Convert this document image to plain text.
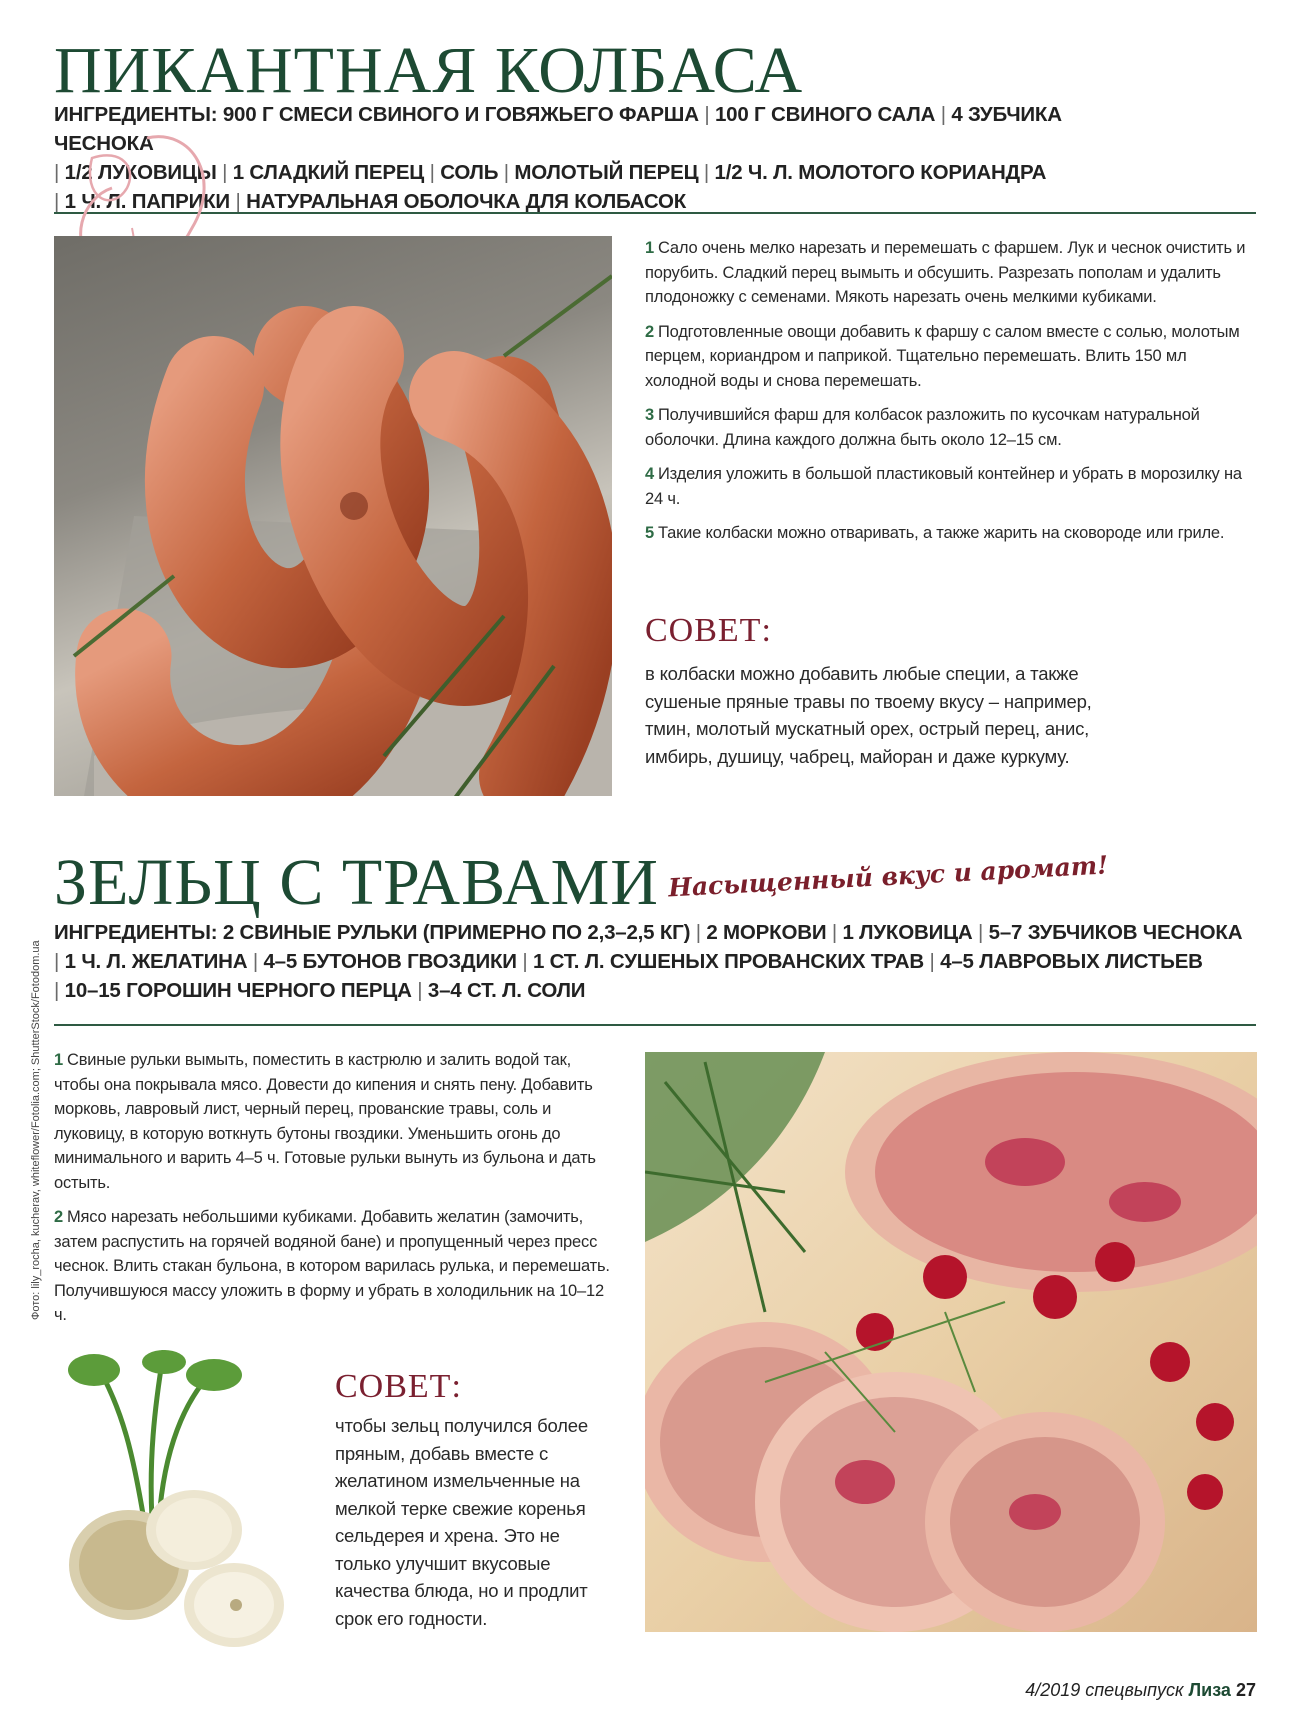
ПИКАНТНАЯ КОЛБАСА
ИНГРЕДИЕНТЫ: 900 Г СМЕСИ СВИНОГО И ГОВЯЖЬЕГО ФАРША | 100 Г СВИНОГО САЛА | 4 ЗУБЧИКА ЧЕСНОКА
| 1/2 ЛУКОВИЦЫ | 1 СЛАДКИЙ ПЕРЕЦ | СОЛЬ | МОЛОТЫЙ ПЕРЕЦ | 1/2 Ч. Л. МОЛОТОГО КОРИАНДРА
| 1 Ч. Л. ПАПРИКИ | НАТУРАЛЬНАЯ ОБОЛОЧКА ДЛЯ КОЛБАСОК

1 Сало очень мелко нарезать и перемешать с фаршем. Лук и чеснок очистить и порубить. Сладкий перец вымыть и обсушить. Разрезать пополам и удалить плодоножку с семенами. Мякоть нарезать очень мелкими кубиками.

2 Подготовленные овощи добавить к фаршу с салом вместе с солью, молотым перцем, кориандром и паприкой. Тщательно перемешать. Влить 150 мл холодной воды и снова перемешать.

3 Получившийся фарш для колбасок разложить по кусочкам натуральной оболочки. Длина каждого должна быть около 12–15 см.

4 Изделия уложить в большой пластиковый контейнер и убрать в морозилку на 24 ч.

5 Такие колбаски можно отваривать, а также жарить на сковороде или гриле.

СОВЕТ:
в колбаски можно добавить любые специи, а также сушеные пряные травы по твоему вкусу – например, тмин, молотый мускатный орех, острый перец, анис, имбирь, душицу, чабрец, майоран и даже куркуму.
ЗЕЛЬЦ С ТРАВАМИ Насыщенный вкус и аромат!
ИНГРЕДИЕНТЫ: 2 СВИНЫЕ РУЛЬКИ (ПРИМЕРНО ПО 2,3–2,5 КГ) | 2 МОРКОВИ | 1 ЛУКОВИЦА | 5–7 ЗУБЧИКОВ ЧЕСНОКА
| 1 Ч. Л. ЖЕЛАТИНА | 4–5 БУТОНОВ ГВОЗДИКИ | 1 СТ. Л. СУШЕНЫХ ПРОВАНСКИХ ТРАВ | 4–5 ЛАВРОВЫХ ЛИСТЬЕВ
| 10–15 ГОРОШИН ЧЕРНОГО ПЕРЦА | 3–4 СТ. Л. СОЛИ
Фото: lily_rocha, kucherav, whiteflower/Fotolia.com; ShutterStock/Fotodom.ua 1 Свиные рульки вымыть, поместить в кастрюлю и залить водой так, чтобы она покрывала мясо. Довести до кипения и снять пену. Добавить морковь, лавровый лист, черный перец, прованские травы, соль и луковицу, в которую воткнуть бутоны гвоздики. Уменьшить огонь до минимального и варить 4–5 ч. Готовые рульки вынуть из бульона и дать остыть.

2 Мясо нарезать небольшими кубиками. Добавить желатин (замочить, затем распустить на горячей водяной бане) и пропущенный через пресс чеснок. Влить стакан бульона, в котором варилась рулька, и перемешать. Получившуюся массу уложить в форму и убрать в холодильник на 10–12 ч.

СОВЕТ:
чтобы зельц получился более пряным, добавь вместе с желатином измельченные на мелкой терке свежие коренья сельдерея и хрена. Это не только улучшит вкусовые качества блюда, но и продлит срок его годности.
4/2019 спецвыпуск Лиза 27
